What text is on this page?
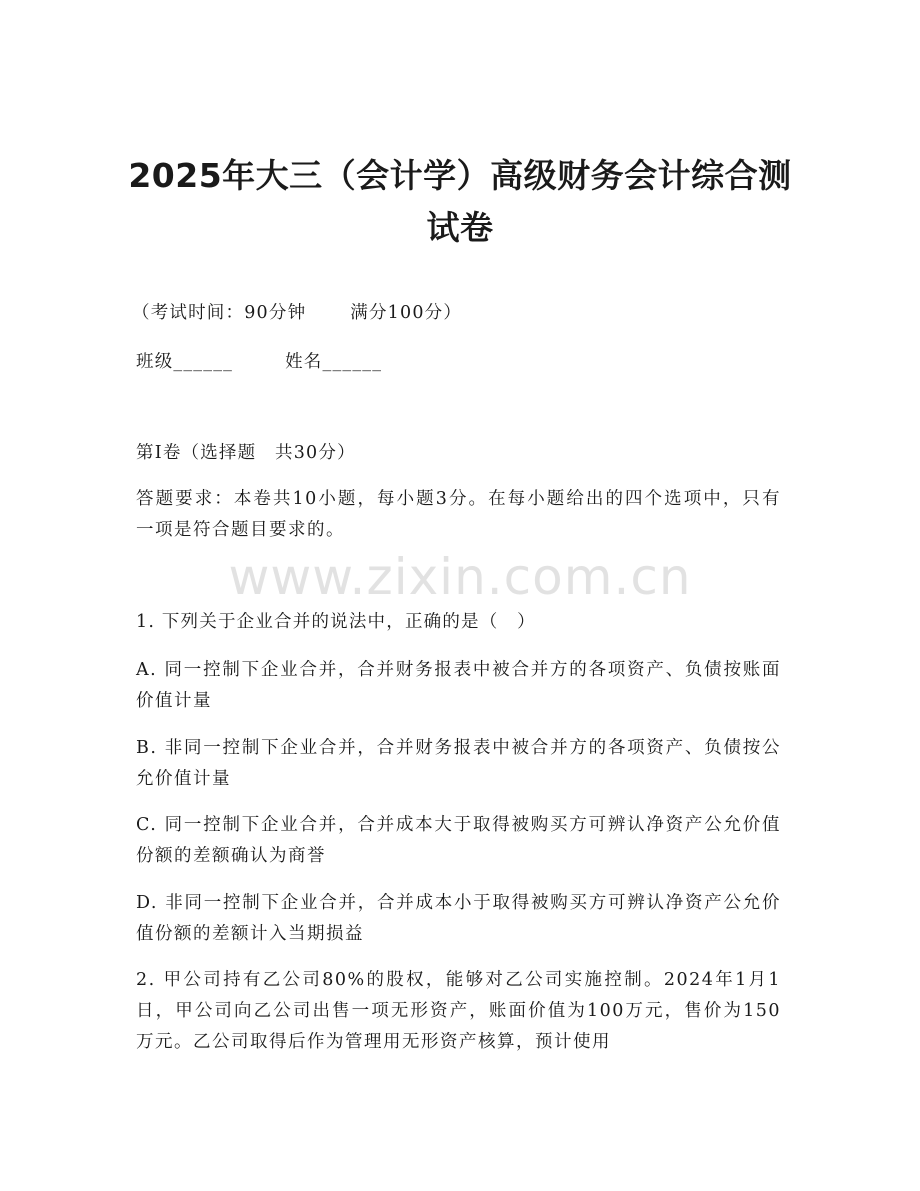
2025年大三（会计学）高级财务会计综合测试卷
（考试时间：90分钟	满分100分）
班级______	姓名______
第I卷（选择题　共30分）
答题要求：本卷共10小题，每小题3分。在每小题给出的四个选项中，只有一项是符合题目要求的。
www.zixin.com.cn
1. 下列关于企业合并的说法中，正确的是（　）
A. 同一控制下企业合并，合并财务报表中被合并方的各项资产、负债按账面价值计量
B. 非同一控制下企业合并，合并财务报表中被合并方的各项资产、负债按公允价值计量
C. 同一控制下企业合并，合并成本大于取得被购买方可辨认净资产公允价值份额的差额确认为商誉
D. 非同一控制下企业合并，合并成本小于取得被购买方可辨认净资产公允价值份额的差额计入当期损益
2. 甲公司持有乙公司80%的股权，能够对乙公司实施控制。2024年1月1日，甲公司向乙公司出售一项无形资产，账面价值为100万元，售价为150万元。乙公司取得后作为管理用无形资产核算，预计使用
